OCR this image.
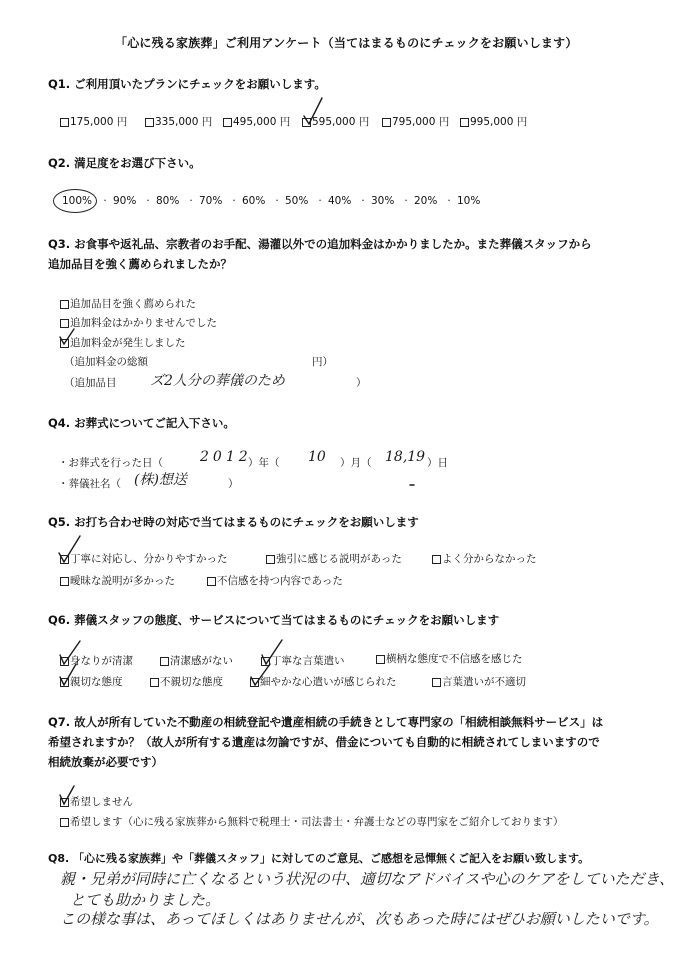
「心に残る家族葬」ご利用アンケート（当てはまるものにチェックをお願いします）
Q1. ご利用頂いたプランにチェックをお願いします。
175,000 円	335,000 円	495,000 円	595,000 円	795,000 円	995,000 円
Q2. 満足度をお選び下さい。
100%	· 90% · 80% · 70% · 60% · 50% · 40% · 30% · 20% · 10%
Q3. お食事や返礼品、宗教者のお手配、湯灌以外での追加料金はかかりましたか。また葬儀スタッフから
追加品目を強く薦められましたか？
追加品目を強く薦められた
追加料金はかかりませんでした
追加料金が発生しました
（追加料金の総額	円）
（追加品目 ズ2人分の葬儀のため	）
Q4. お葬式についてご記入下さい。
・お葬式を行った日（	2012
）年（ 10 ）月（ 18,19 ）日
・葬儀社名（ (株)想送	）
Q5. お打ち合わせ時の対応で当てはまるものにチェックをお願いします
丁寧に対応し、分かりやすかった	強引に感じる説明があった	よく分からなかった
曖昧な説明が多かった	不信感を持つ内容であった
Q6. 葬儀スタッフの態度、サービスについて当てはまるものにチェックをお願いします
身なりが清潔	清潔感がない	丁寧な言葉遣い	横柄な態度で不信感を感じた
親切な態度	不親切な態度	細やかな心遣いが感じられた	言葉遣いが不適切
Q7. 故人が所有していた不動産の相続登記や遺産相続の手続きとして専門家の「相続相談無料サービス」は
希望されますか？（故人が所有する遺産は勿論ですが、借金についても自動的に相続されてしまいますので
相続放棄が必要です）
希望しません
希望します（心に残る家族葬から無料で税理士・司法書士・弁護士などの専門家をご紹介しております）
Q8. 「心に残る家族葬」や「葬儀スタッフ」に対してのご意見、ご感想を忌憚無くご記入をお願い致します。
親・兄弟が同時に亡くなるという状況の中、適切なアドバイスや心のケアをしていただき、
とても助かりました。
この様な事は、あってほしくはありませんが、次もあった時にはぜひお願いしたいです。
